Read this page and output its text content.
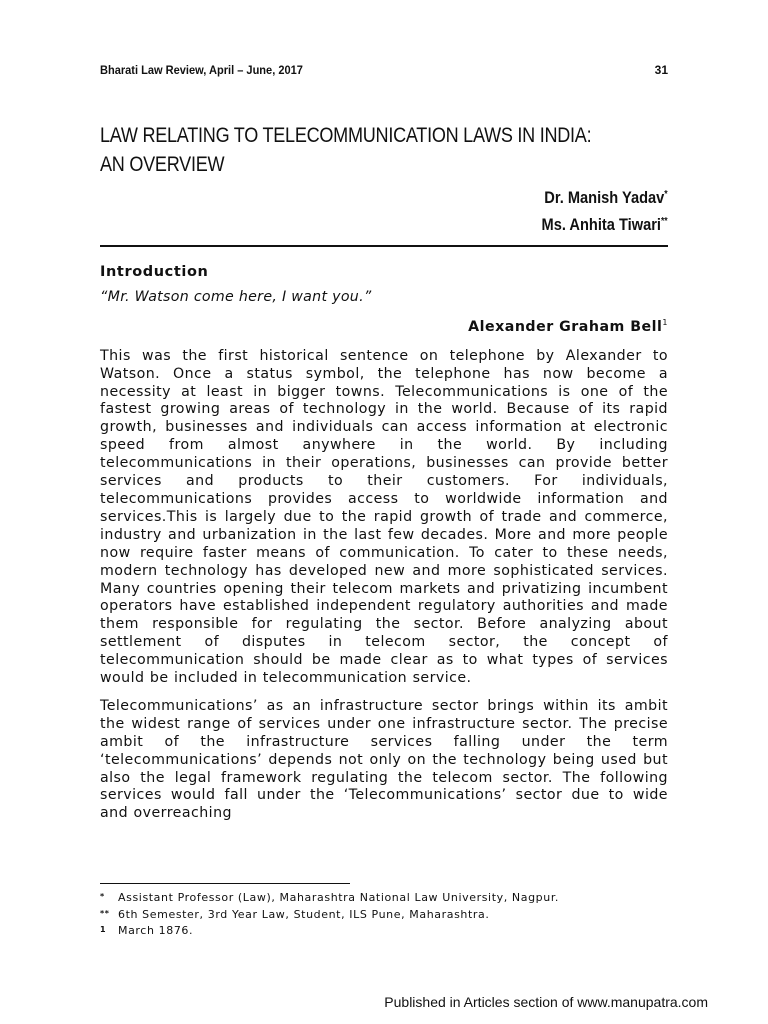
Bharati Law Review, April – June, 2017	31
LAW RELATING TO TELECOMMUNICATION LAWS IN INDIA: AN OVERVIEW
Dr. Manish Yadav*
Ms. Anhita Tiwari**
Introduction
“Mr. Watson come here, I want you.”
Alexander Graham Bell$^1$

This was the first historical sentence on telephone by Alexander to Watson. Once a status symbol, the telephone has now become a necessity at least in bigger towns. Telecommunications is one of the fastest growing areas of technology in the world. Because of its rapid growth, businesses and individuals can access information at electronic speed from almost anywhere in the world. By including telecommunications in their operations, businesses can provide better services and products to their customers. For individuals, telecommunications provides access to worldwide information and services.This is largely due to the rapid growth of trade and commerce, industry and urbanization in the last few decades. More and more people now require faster means of communication. To cater to these needs, modern technology has developed new and more sophisticated services. Many countries opening their telecom markets and privatizing incumbent operators have established independent regulatory authorities and made them responsible for regulating the sector. Before analyzing about settlement of disputes in telecom sector, the concept of telecommunication should be made clear as to what types of services would be included in telecommunication service.

Telecommunications’ as an infrastructure sector brings within its ambit the widest range of services under one infrastructure sector. The precise ambit of the infrastructure services falling under the term ‘telecommunications’ depends not only on the technology being used but also the legal framework regulating the telecom sector. The following services would fall under the ‘Telecommunications’ sector due to wide and overreaching

*	Assistant Professor (Law), Maharashtra National Law University, Nagpur.
** 6th Semester, 3rd Year Law, Student, ILS Pune, Maharashtra.
1	March 1876.
Published in Articles section of www.manupatra.com
